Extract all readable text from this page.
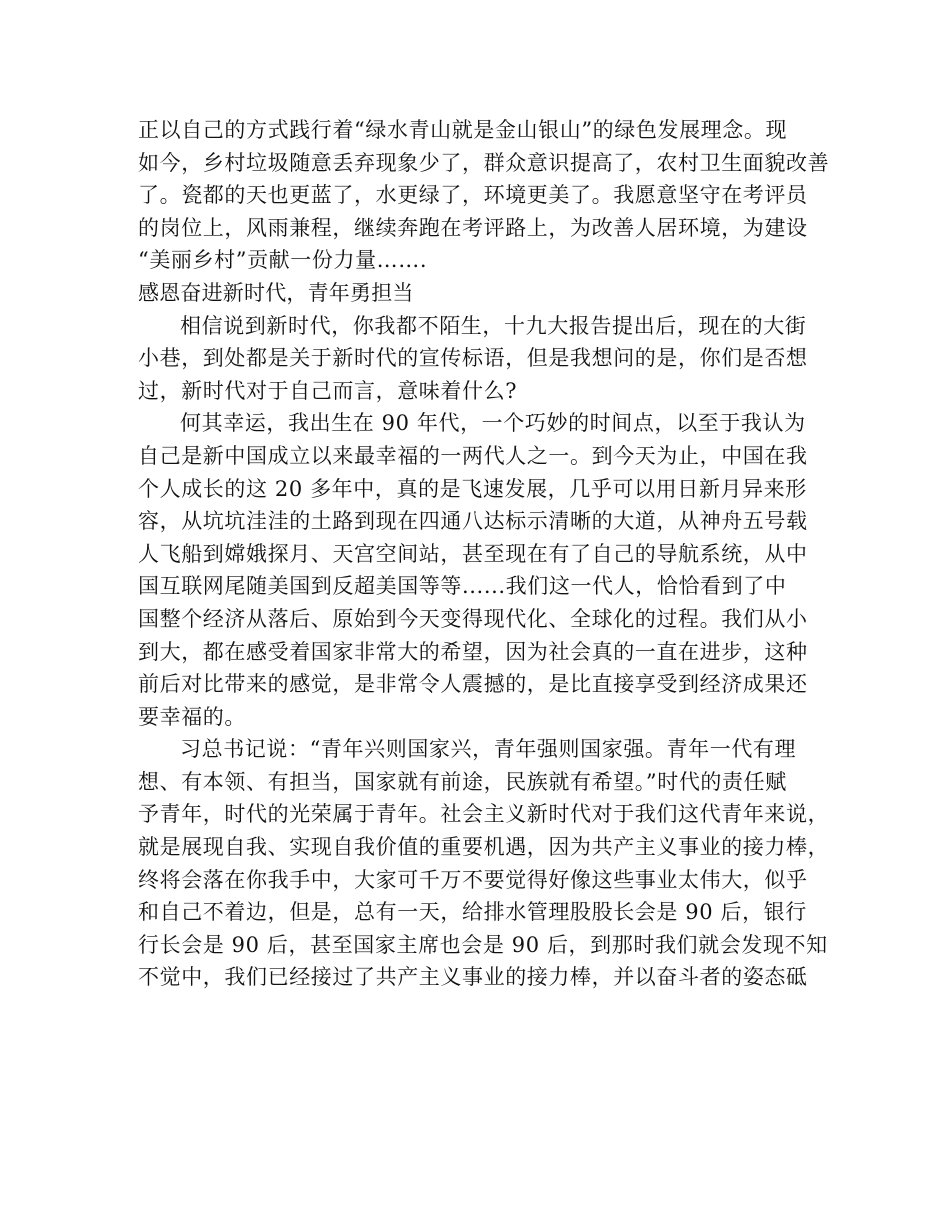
正以自己的方式践行着“绿水青山就是金山银山”的绿色发展理念。现
如今，乡村垃圾随意丢弃现象少了，群众意识提高了，农村卫生面貌改善
了。瓷都的天也更蓝了，水更绿了，环境更美了。我愿意坚守在考评员
的岗位上，风雨兼程，继续奔跑在考评路上，为改善人居环境，为建设
“美丽乡村”贡献一份力量…….

感恩奋进新时代，青年勇担当

相信说到新时代，你我都不陌生，十九大报告提出后，现在的大街
小巷，到处都是关于新时代的宣传标语，但是我想问的是，你们是否想
过，新时代对于自己而言，意味着什么?

何其幸运，我出生在 90 年代，一个巧妙的时间点，以至于我认为
自己是新中国成立以来最幸福的一两代人之一。到今天为止，中国在我
个人成长的这 20 多年中，真的是飞速发展，几乎可以用日新月异来形
容，从坑坑洼洼的土路到现在四通八达标示清晰的大道，从神舟五号载
人飞船到嫦娥探月、天宫空间站，甚至现在有了自己的导航系统，从中
国互联网尾随美国到反超美国等等......我们这一代人，恰恰看到了中
国整个经济从落后、原始到今天变得现代化、全球化的过程。我们从小
到大，都在感受着国家非常大的希望，因为社会真的一直在进步，这种
前后对比带来的感觉，是非常令人震撼的，是比直接享受到经济成果还
要幸福的。

习总书记说：“青年兴则国家兴，青年强则国家强。青年一代有理
想、有本领、有担当，国家就有前途，民族就有希望。”时代的责任赋
予青年，时代的光荣属于青年。社会主义新时代对于我们这代青年来说，
就是展现自我、实现自我价值的重要机遇，因为共产主义事业的接力棒，
终将会落在你我手中，大家可千万不要觉得好像这些事业太伟大，似乎
和自己不着边，但是，总有一天，给排水管理股股长会是 90 后，银行
行长会是 90 后，甚至国家主席也会是 90 后，到那时我们就会发现不知
不觉中，我们已经接过了共产主义事业的接力棒，并以奋斗者的姿态砥
